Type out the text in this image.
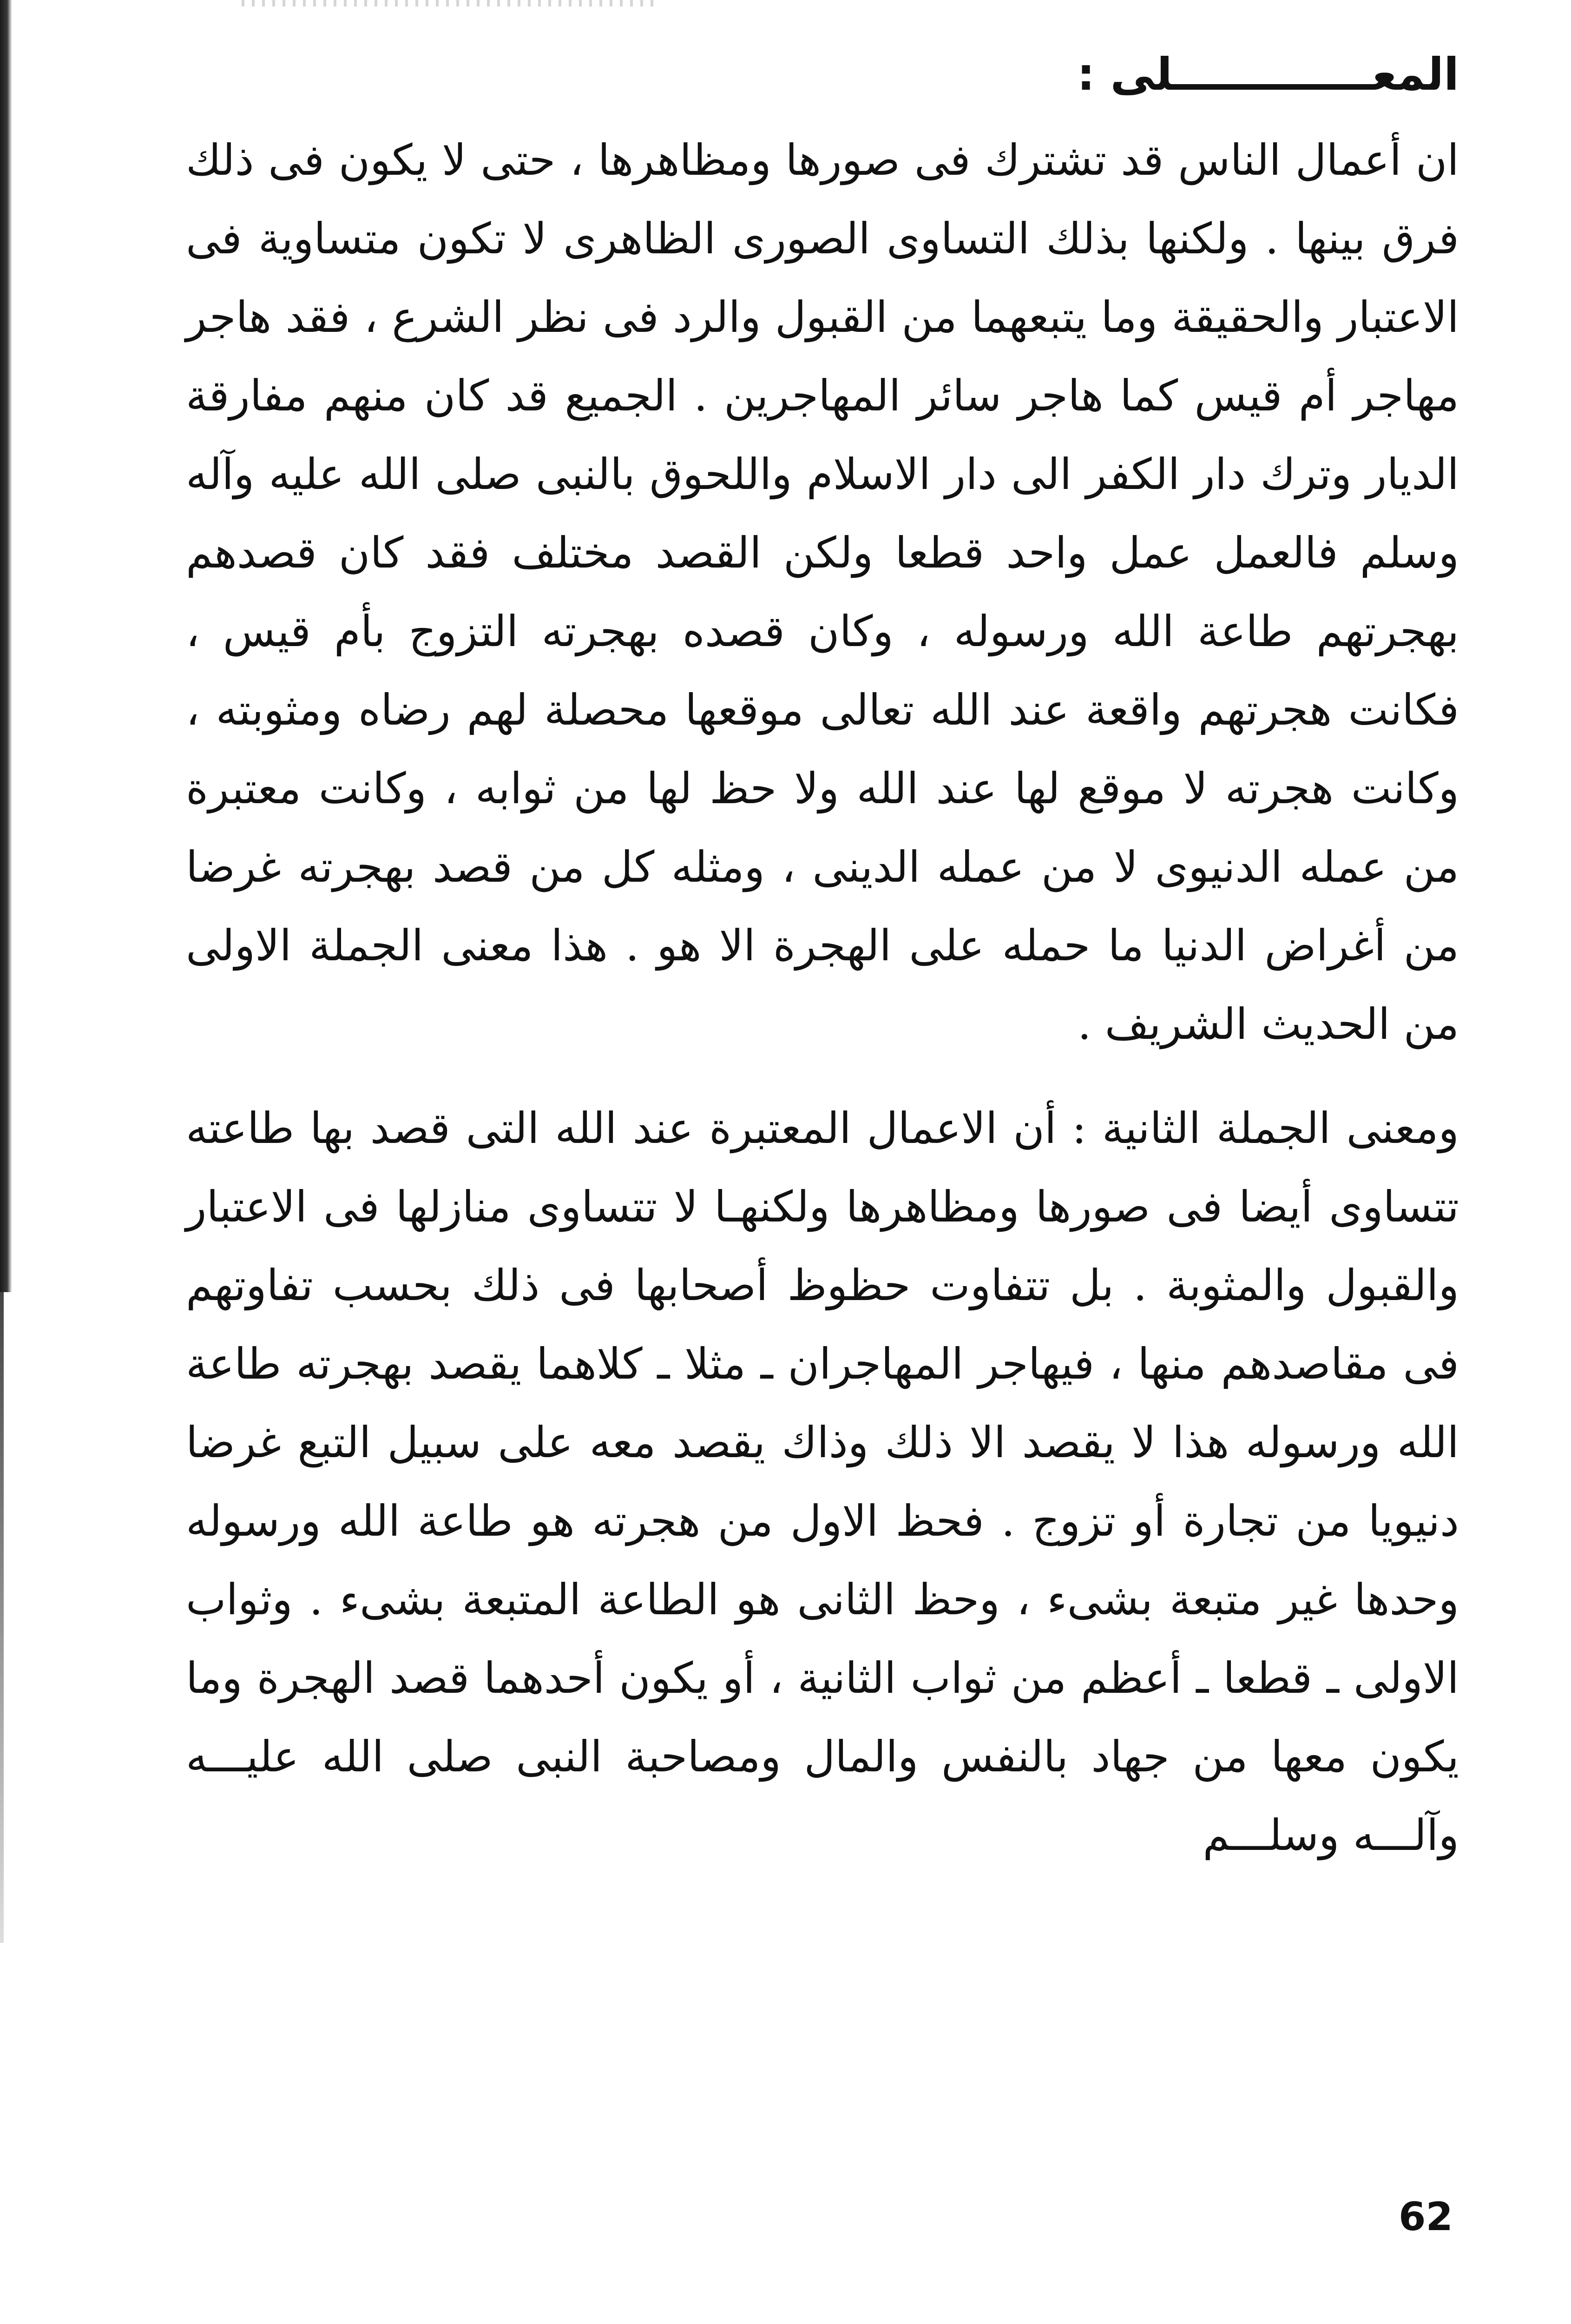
المعـــــــــــــلى :

ان أعمال الناس قد تشترك فى صورها ومظاهرها ، حتى لا يكون فى ذلك فرق بينها . ولكنها بذلك التساوى الصورى الظاهرى لا تكون متساوية فى الاعتبار والحقيقة وما يتبعهما من القبول والرد فى نظر الشرع ، فقد هاجر مهاجر أم قيس كما هاجر سائر المهاجرين . الجميع قد كان منهم مفارقة الديار وترك دار الكفر الى دار الاسلام واللحوق بالنبى صلى الله عليه وآله وسلم فالعمل عمل واحد قطعا ولكن القصد مختلف فقد كان قصدهم بهجرتهم طاعة الله ورسوله ، وكان قصده بهجرته التزوج بأم قيس ، فكانت هجرتهم واقعة عند الله تعالى موقعها محصلة لهم رضاه ومثوبته ، وكانت هجرته لا موقع لها عند الله ولا حظ لها من ثوابه ، وكانت معتبرة من عمله الدنيوى لا من عمله الدينى ، ومثله كل من قصد بهجرته غرضا من أغراض الدنيا ما حمله على الهجرة الا هو . هذا معنى الجملة الاولى من الحديث الشريف .

ومعنى الجملة الثانية : أن الاعمال المعتبرة عند الله التى قصد بها طاعته تتساوى أيضا فى صورها ومظاهرها ولكنهـا لا تتساوى منازلها فى الاعتبار والقبول والمثوبة . بل تتفاوت حظوظ أصحابها فى ذلك بحسب تفاوتهم فى مقاصدهم منها ، فيهاجر المهاجران ـ مثلا ـ كلاهما يقصد بهجرته طاعة الله ورسوله هذا لا يقصد الا ذلك وذاك يقصد معه على سبيل التبع غرضا دنيويا من تجارة أو تزوج . فحظ الاول من هجرته هو طاعة الله ورسوله وحدها غير متبعة بشىء ، وحظ الثانى هو الطاعة المتبعة بشىء . وثواب الاولى ـ قطعا ـ أعظم من ثواب الثانية ، أو يكون أحدهما قصد الهجرة وما يكون معها من جهاد بالنفس والمال ومصاحبة النبى صلى الله عليـــه وآلـــه وسلـــم

62
